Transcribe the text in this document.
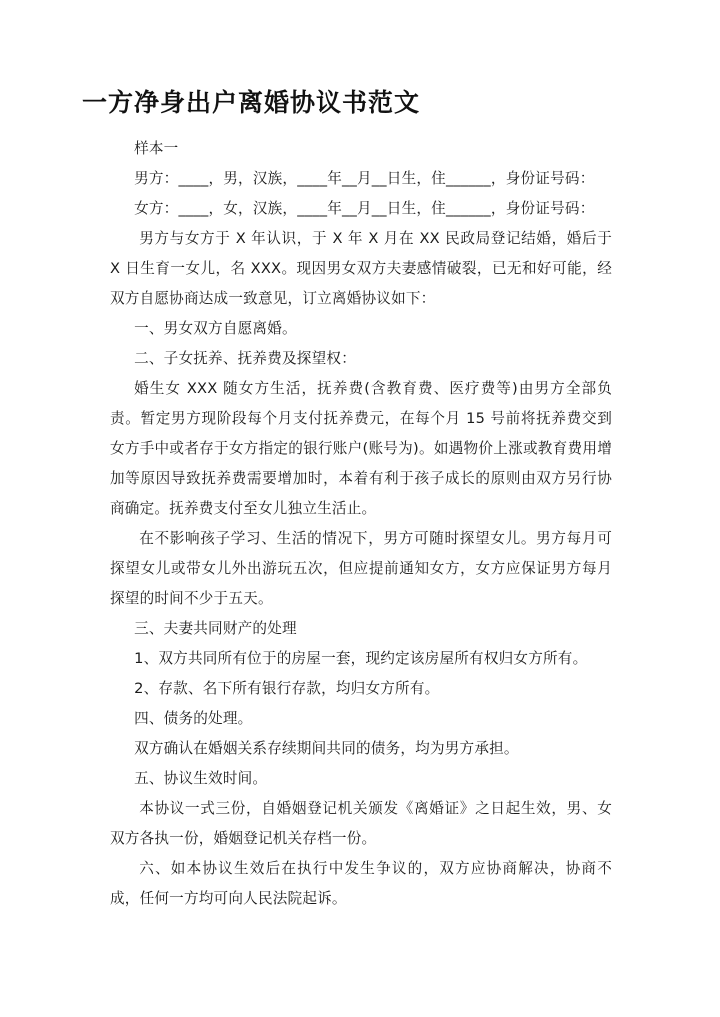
一方净身出户离婚协议书范文

样本一

男方：____，男，汉族，____年__月__日生，住______，身份证号码：

女方：____，女，汉族，____年__月__日生，住______，身份证号码：

男方与女方于 X 年认识，于 X 年 X 月在 XX 民政局登记结婚，婚后于 X 日生育一女儿，名 XXX。现因男女双方夫妻感情破裂，已无和好可能，经双方自愿协商达成一致意见，订立离婚协议如下：

一、男女双方自愿离婚。

二、子女抚养、抚养费及探望权：

婚生女 XXX 随女方生活，抚养费(含教育费、医疗费等)由男方全部负责。暂定男方现阶段每个月支付抚养费元，在每个月 15 号前将抚养费交到女方手中或者存于女方指定的银行账户(账号为)。如遇物价上涨或教育费用增加等原因导致抚养费需要增加时，本着有利于孩子成长的原则由双方另行协商确定。抚养费支付至女儿独立生活止。

在不影响孩子学习、生活的情况下，男方可随时探望女儿。男方每月可探望女儿或带女儿外出游玩五次，但应提前通知女方，女方应保证男方每月探望的时间不少于五天。

三、夫妻共同财产的处理

1、双方共同所有位于的房屋一套，现约定该房屋所有权归女方所有。

2、存款、名下所有银行存款，均归女方所有。

四、债务的处理。

双方确认在婚姻关系存续期间共同的债务，均为男方承担。

五、协议生效时间。

本协议一式三份，自婚姻登记机关颁发《离婚证》之日起生效，男、女双方各执一份，婚姻登记机关存档一份。

六、如本协议生效后在执行中发生争议的，双方应协商解决，协商不成，任何一方均可向人民法院起诉。
